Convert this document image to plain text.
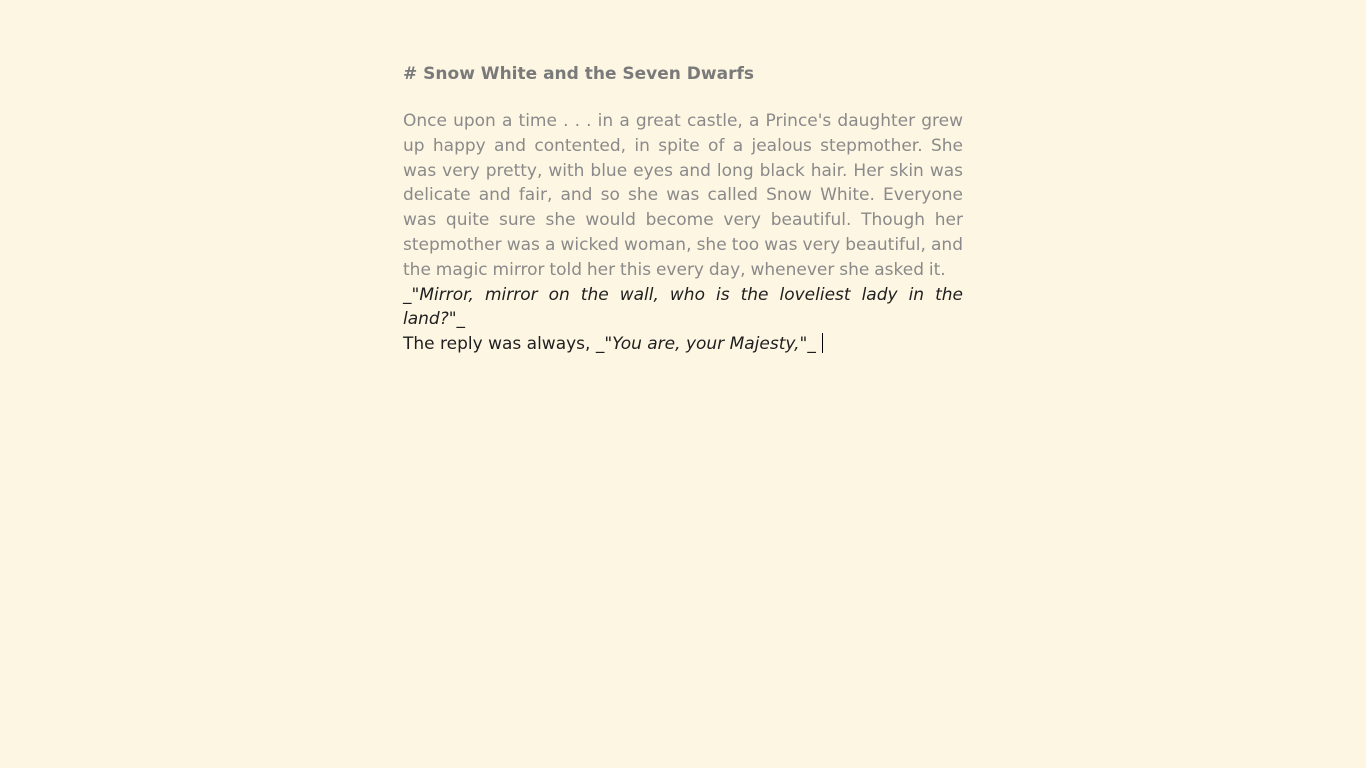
# Snow White and the Seven Dwarfs

Once upon a time . . . in a great castle, a Prince's daughter grew up happy and contented, in spite of a jealous stepmother. She was very pretty, with blue eyes and long black hair. Her skin was delicate and fair, and so she was called Snow White. Everyone was quite sure she would become very beautiful. Though her stepmother was a wicked woman, she too was very beautiful, and the magic mirror told her this every day, whenever she asked it.

_"Mirror, mirror on the wall, who is the loveliest lady in the land?"_

The reply was always, _"You are, your Majesty,"_
